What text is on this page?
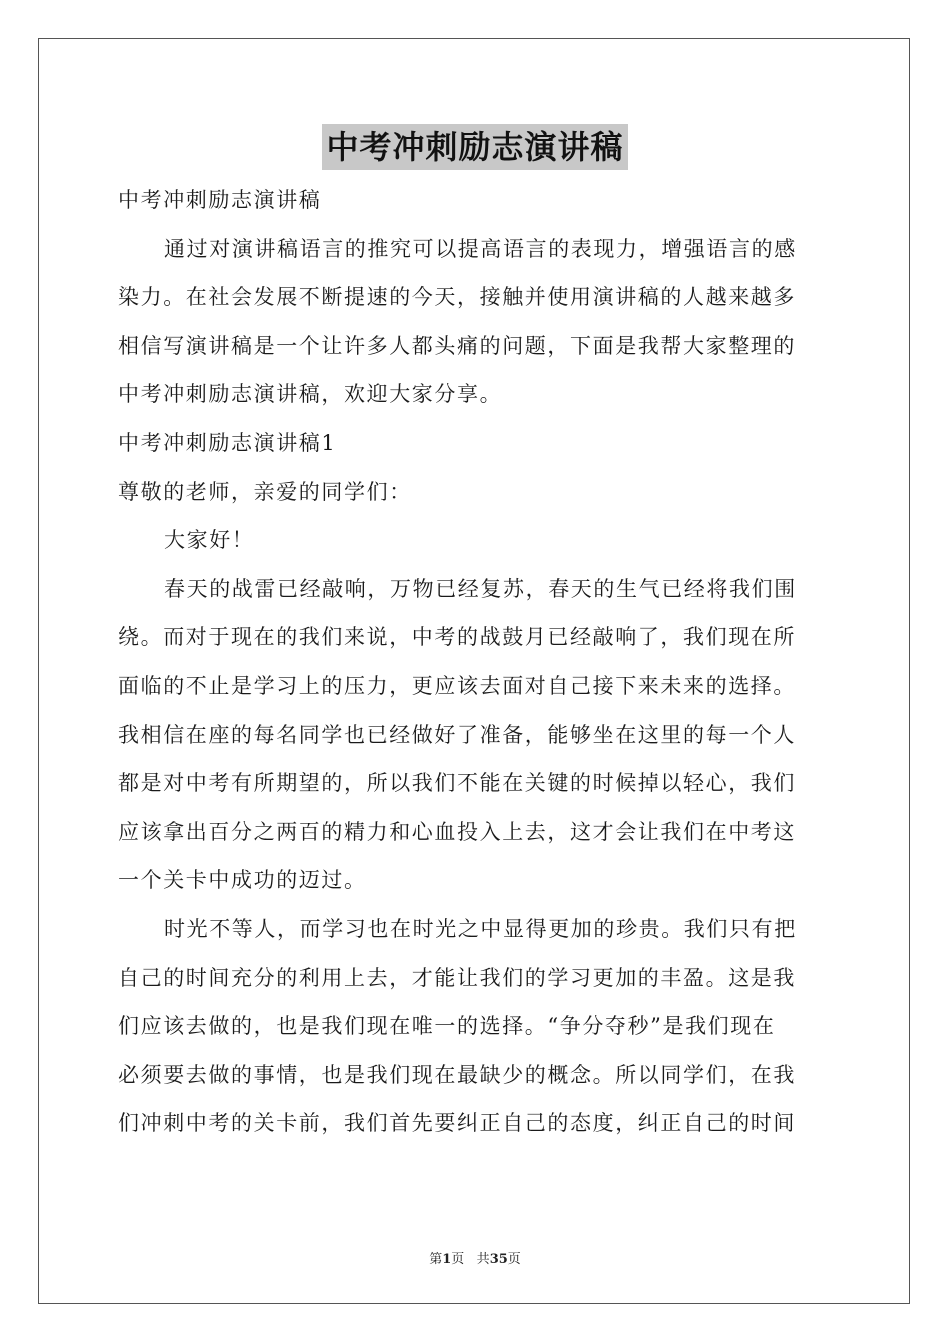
中考冲刺励志演讲稿
中考冲刺励志演讲稿
通过对演讲稿语言的推究可以提高语言的表现力，增强语言的感
染力。在社会发展不断提速的今天，接触并使用演讲稿的人越来越多
相信写演讲稿是一个让许多人都头痛的问题，下面是我帮大家整理的
中考冲刺励志演讲稿，欢迎大家分享。
中考冲刺励志演讲稿1
尊敬的老师，亲爱的同学们：
大家好！
春天的战雷已经敲响，万物已经复苏，春天的生气已经将我们围
绕。而对于现在的我们来说，中考的战鼓月已经敲响了，我们现在所
面临的不止是学习上的压力，更应该去面对自己接下来未来的选择。
我相信在座的每名同学也已经做好了准备，能够坐在这里的每一个人
都是对中考有所期望的，所以我们不能在关键的时候掉以轻心，我们
应该拿出百分之两百的精力和心血投入上去，这才会让我们在中考这
一个关卡中成功的迈过。
时光不等人，而学习也在时光之中显得更加的珍贵。我们只有把
自己的时间充分的利用上去，才能让我们的学习更加的丰盈。这是我
们应该去做的，也是我们现在唯一的选择。“争分夺秒”是我们现在
必须要去做的事情，也是我们现在最缺少的概念。所以同学们，在我
们冲刺中考的关卡前，我们首先要纠正自己的态度，纠正自己的时间
第1页 共35页
